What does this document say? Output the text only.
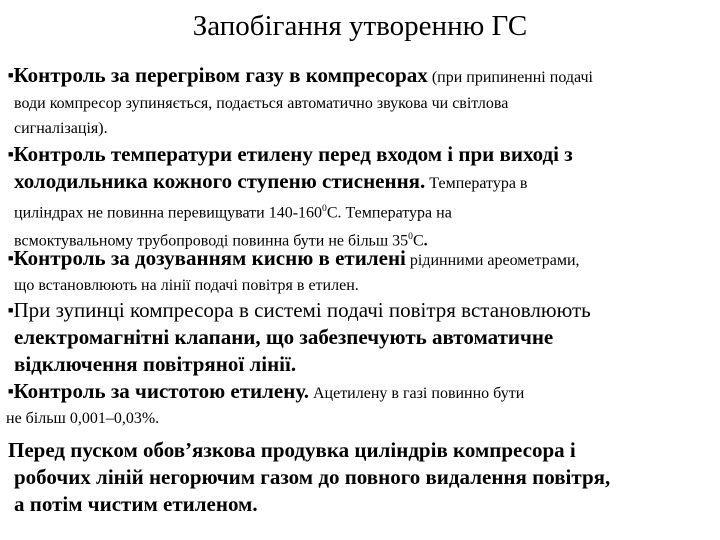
Запобігання утворенню ГС
■Контроль за перегрівом газу в компресорах (при припиненні подачі
води компресор зупиняється, подається автоматично звукова чи світлова
сигналізація).
■Контроль температури етилену перед входом і при виході з
холодильника кожного ступеню стиснення. Температура в
циліндрах не повинна перевищувати $140-160^0С$. Температура на
всмоктувальному трубопроводі повинна бути не більш $35^0С$.
■Контроль за дозуванням кисню в етилені рідинними ареометрами,
що встановлюють на лінії подачі повітря в етилен.
■При зупинці компресора в системі подачі повітря встановлюють
електромагнітні клапани, що забезпечують автоматичне
відключення повітряної лінії.
■Контроль за чистотою етилену. Ацетилену в газі повинно бути
не більш 0,001–0,03%.
Перед пуском обов’язкова продувка циліндрів компресора і
робочих ліній негорючим газом до повного видалення повітря,
а потім чистим етиленом.
